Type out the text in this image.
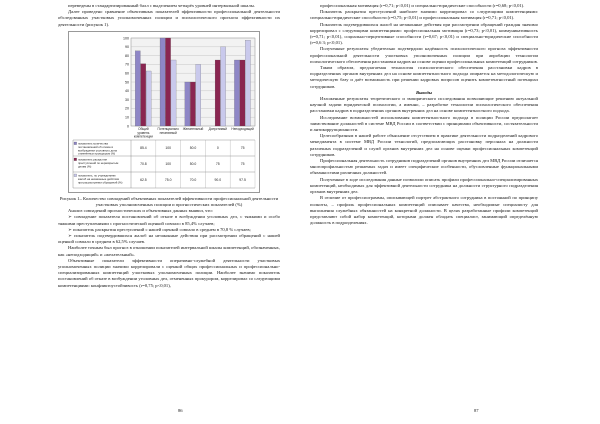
переведены в стандартизированный балл с выделением четырёх уровней интервальной шкалы.

Далее проведено сравнение объективных показателей эффективности профессиональной деятельности обследованных участковых уполномоченных полиции и психологического прогноза эффективности их деятельности (рисунок 1).

0
10
20
30
40
50
60
70
80
90
100
Общий
уровень
компетенции
Потенциально
негативный
Желательный Допустимый Неподходящий
показатель количества
постановлений об отказе в
возбуждении уголовного дела
отменённых прокурором (%)
85.4	100	50.0	0	75
показатель раскрытия
преступлений по нераскрытым
делам (%)
70.8	100	50.0	75	75
показатель, по учреждениям
жалоб на незаконные действия
при рассмотрении обращений (%)
62.5	75.0	70.0	90.0	97.5

Рисунок 1– Количество совпадений объективных показателей эффективности профессиональной деятельности участковых уполномоченных полиции и прогностических показателей (%)

Анализ совпадений прогностических и объективных данных выявил, что:

➢ совпадение показателя постановлений об отказе в возбуждении уголовных дел, с тяжкими и особо тяжкими преступлениями с прогностической оценкой совпало в 85,4% случаев;

➢ показатель раскрытия преступлений с нашей оценкой совпало в среднем в 70,8 % случаев;

➢ показатель подтвердившихся жалоб на незаконные действия при рассмотрении обращений с нашей оценкой совпало в среднем в 62,5% случаев.

Наиболее точным был прогноз в отношении показателей интервальной шкалы компетенций, обозначенных, как «неподходящий» и «желательный».

Объективные показатели эффективности оперативно-служебной деятельности участковых уполномоченных полиции значимо коррелировали с оценкой общих профессиональных и профессионально-специализированных компетенций участковых уполномоченных полиции. Наиболее значимо показатель постановлений об отказе в возбуждении уголовных дел, отмененных прокурором, коррелировал со следующими компетенциями: конфликтоустойчивость (r=0,75; p<0,01),

86

профессиональная мотивация (r=0,71; p<0,01) и специально-юридические способности (r=0,68; p<0,01).

Показатель раскрытия преступлений наиболее значимо коррелировал со следующими компетенциями: специально-юридические способности (r=0,75; p<0,01) и профессиональная мотивация (r=0,71; p<0,01).

Показатель подтвердившихся жалоб на незаконные действия при рассмотрении обращений граждан значимо коррелировал с следующими компетенциями: профессиональная мотивация (r=0,73; p<0,01), коммуникативность (r=0,71; p<0,01), социально-перцептивные способности (r=0,67; p<0,01) и специально-юридические способности (r=0,6 3; p<0,01).

Полученные результаты убедительно подтвердили надёжность психологического прогноза эффективности профессиональной деятельности участковых уполномоченных полиции при апробации технологии психологического обеспечения расстановки кадров на основе оценки профессиональных компетенций сотрудников.

Таким образом, предлагаемая технология психологического обеспечения расстановки кадров в подразделениях органов внутренних дел на основе компетентностного подхода опирается на методологическую и методическую базу и даёт возможность при решении кадровых вопросов оценить компетентностный потенциал сотрудников.

Выводы

Изложенные результаты теоретического и эмпирического исследования позволяющие решению актуальной научной задачи юридической психологии, а именно, – разработке технологии психологического обеспечения расстановки кадров в подразделениях органов внутренних дел на основе компетентностного подхода.

Исследование возможностей использования компетентностного подхода в полиции России предполагает заимствование должностей в системе МВД России в соответствии с принципами объективности, состязательности и антикоррупционности.

Целесообразным в нашей работе объяснение отсутствием в практике деятельности подразделений кадрового менеджмента в системе МВД России технологий, предполагающих расстановку персонала на должности различных подразделений и служб органов внутренних дел на основе оценки профессиональных компетенций сотрудников.

Профессиональная деятельность сотрудников подразделений органов внутренних дел МВД России отличается многопрофильностью решаемых задач и имеет специфические особенности, обусловленные функциональными обязанностями различных должностей.

Полученные в ходе исследования данные позволили описать профили профессионально-специализированных компетенций, необходимых для эффективной деятельности сотрудника на должности структурного подразделения органов внутренних дел.

В отличие от профессиограммы, описывающей портрет абстрактного сотрудника в постоянной по принципу полноты, – профиль профессиональных компетенций описывает качества, необходимые специалисту для выполнения служебных обязанностей на конкретной должности. В целях разработанные профили компетенций представляют собой набор компетенций, которыми должен обладать специалист, занимающий определённую должность в подразделениях.

87
